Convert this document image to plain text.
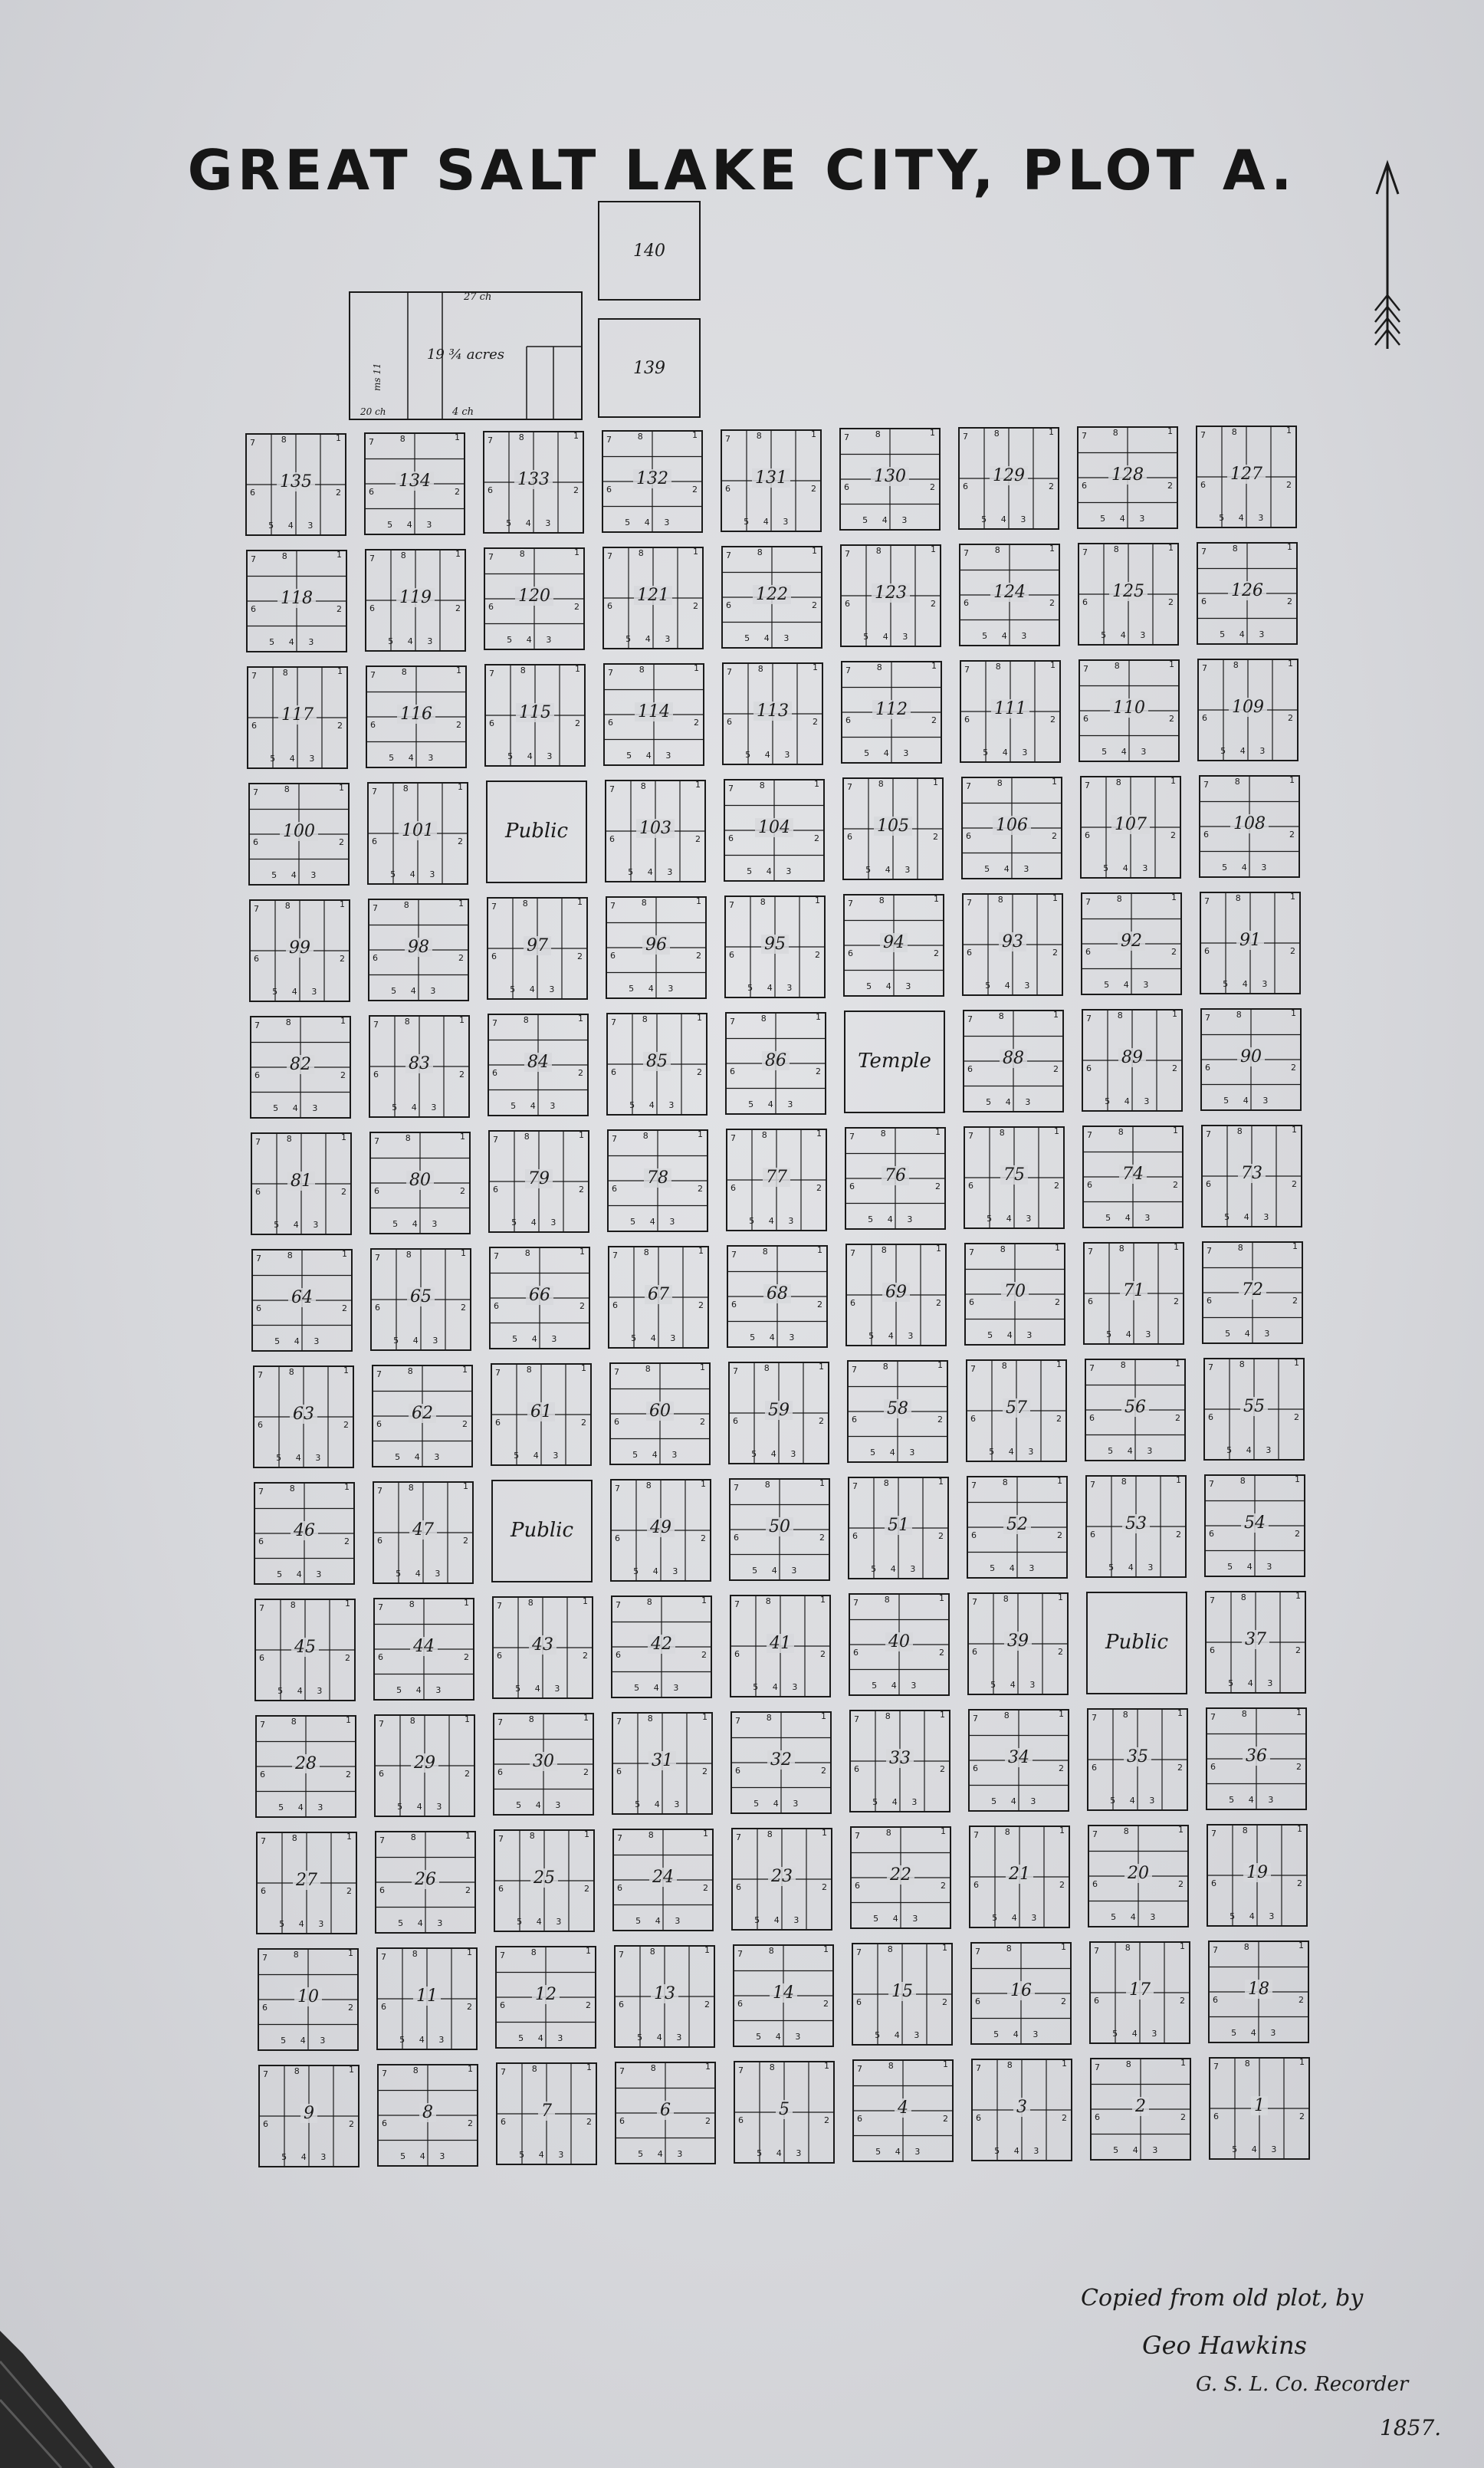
GREAT SALT LAKE CITY, PLOT A.
140
139
19 ¾ acres
27 ch
4 ch
20 ch
ms 11
1
2
3
4
5
6
7	8
135
1
2
3
4
5
6
7	8
134
1
2
3
4
5
6
7	8
133
1
2
3
4
5
6
7	8
132
1
2
3
4
5
6
7	8
131
1
2
3
4
5
6
7	8
130
1
2
3
4
5
6
7	8
129
1
2
3
4
5
6
7	8
128
1
2
3
4
5
6
7	8
127
1
2
3
4
5
6
7	8
118
1
2
3
4
5
6
7	8
119
1
2
3
4
5
6
7	8
120
1
2
3
4
5
6
7	8
121
1
2
3
4
5
6
7	8
122
1
2
3
4
5
6
7	8
123
1
2
3
4
5
6
7	8
124
1
2
3
4
5
6
7	8
125
1
2
3
4
5
6
7	8
126
1
2
3
4
5
6
7	8
117
1
2
3
4
5
6
7	8
116
1
2
3
4
5
6
7	8
115
1
2
3
4
5
6
7	8
114
1
2
3
4
5
6
7	8
113
1
2
3
4
5
6
7	8
112
1
2
3
4
5
6
7	8
111
1
2
3
4
5
6
7	8
110
1
2
3
4
5
6
7	8
109
1
2
3
4
5
6
7	8
100
1
2
3
4
5
6
7	8
101	Public
1
2
3
4
5
6
7	8
103
1
2
3
4
5
6
7	8
104
1
2
3
4
5
6
7	8
105
1
2
3
4
5
6
7	8
106
1
2
3
4
5
6
7	8
107
1
2
3
4
5
6
7	8
108
1
2
3
4
5
6
7	8
99
1
2
3
4
5
6
7	8
98
1
2
3
4
5
6
7	8
97
1
2
3
4
5
6
7	8
96
1
2
3
4
5
6
7	8
95
1
2
3
4
5
6
7	8
94
1
2
3
4
5
6
7	8
93
1
2
3
4
5
6
7	8
92
1
2
3
4
5
6
7	8
91
1
2
3
4
5
6
7	8
82
1
2
3
4
5
6
7	8
83
1
2
3
4
5
6
7	8
84
1
2
3
4
5
6
7	8
85
1
2
3
4
5
6
7	8
86	Temple
1
2
3
4
5
6
7	8
88
1
2
3
4
5
6
7	8
89
1
2
3
4
5
6
7	8
90
1
2
3
4
5
6
7	8
81
1
2
3
4
5
6
7	8
80
1
2
3
4
5
6
7	8
79
1
2
3
4
5
6
7	8
78
1
2
3
4
5
6
7	8
77
1
2
3
4
5
6
7	8
76
1
2
3
4
5
6
7	8
75
1
2
3
4
5
6
7	8
74
1
2
3
4
5
6
7	8
73
1
2
3
4
5
6
7	8
64
1
2
3
4
5
6
7	8
65
1
2
3
4
5
6
7	8
66
1
2
3
4
5
6
7	8
67
1
2
3
4
5
6
7	8
68
1
2
3
4
5
6
7	8
69
1
2
3
4
5
6
7	8
70
1
2
3
4
5
6
7	8
71
1
2
3
4
5
6
7	8
72
1
2
3
4
5
6
7	8
63
1
2
3
4
5
6
7	8
62
1
2
3
4
5
6
7	8
61
1
2
3
4
5
6
7	8
60
1
2
3
4
5
6
7	8
59
1
2
3
4
5
6
7	8
58
1
2
3
4
5
6
7	8
57
1
2
3
4
5
6
7	8
56
1
2
3
4
5
6
7	8
55
1
2
3
4
5
6
7	8
46
1
2
3
4
5
6
7	8
47	Public
1
2
3
4
5
6
7	8
49
1
2
3
4
5
6
7	8
50
1
2
3
4
5
6
7	8
51
1
2
3
4
5
6
7	8
52
1
2
3
4
5
6
7	8
53
1
2
3
4
5
6
7	8
54
1
2
3
4
5
6
7	8
45
1
2
3
4
5
6
7	8
44
1
2
3
4
5
6
7	8
43
1
2
3
4
5
6
7	8
42
1
2
3
4
5
6
7	8
41
1
2
3
4
5
6
7	8
40
1
2
3
4
5
6
7	8
39	Public
1
2
3
4
5
6
7	8
37
1
2
3
4
5
6
7	8
28
1
2
3
4
5
6
7	8
29
1
2
3
4
5
6
7	8
30
1
2
3
4
5
6
7	8
31
1
2
3
4
5
6
7	8
32
1
2
3
4
5
6
7	8
33
1
2
3
4
5
6
7	8
34
1
2
3
4
5
6
7	8
35
1
2
3
4
5
6
7	8
36
1
2
3
4
5
6
7	8
27
1
2
3
4
5
6
7	8
26
1
2
3
4
5
6
7	8
25
1
2
3
4
5
6
7	8
24
1
2
3
4
5
6
7	8
23
1
2
3
4
5
6
7	8
22
1
2
3
4
5
6
7	8
21
1
2
3
4
5
6
7	8
20
1
2
3
4
5
6
7	8
19
1
2
3
4
5
6
7	8
10
1
2
3
4
5
6
7	8
11
1
2
3
4
5
6
7	8
12
1
2
3
4
5
6
7	8
13
1
2
3
4
5
6
7	8
14
1
2
3
4
5
6
7	8
15
1
2
3
4
5
6
7	8
16
1
2
3
4
5
6
7	8
17
1
2
3
4
5
6
7	8
18
1
2
3
4
5
6
7	8
9
1
2
3
4
5
6
7	8
8
1
2
3
4
5
6
7	8
7
1
2
3
4
5
6
7	8
6
1
2
3
4
5
6
7	8
5
1
2
3
4
5
6
7	8
4
1
2
3
4
5
6
7	8
3
1
2
3
4
5
6
7	8
2
1
2
3
4
5
6
7	8
1
Copied from old plot, by
Geo Hawkins
G. S. L. Co. Recorder
1857.
